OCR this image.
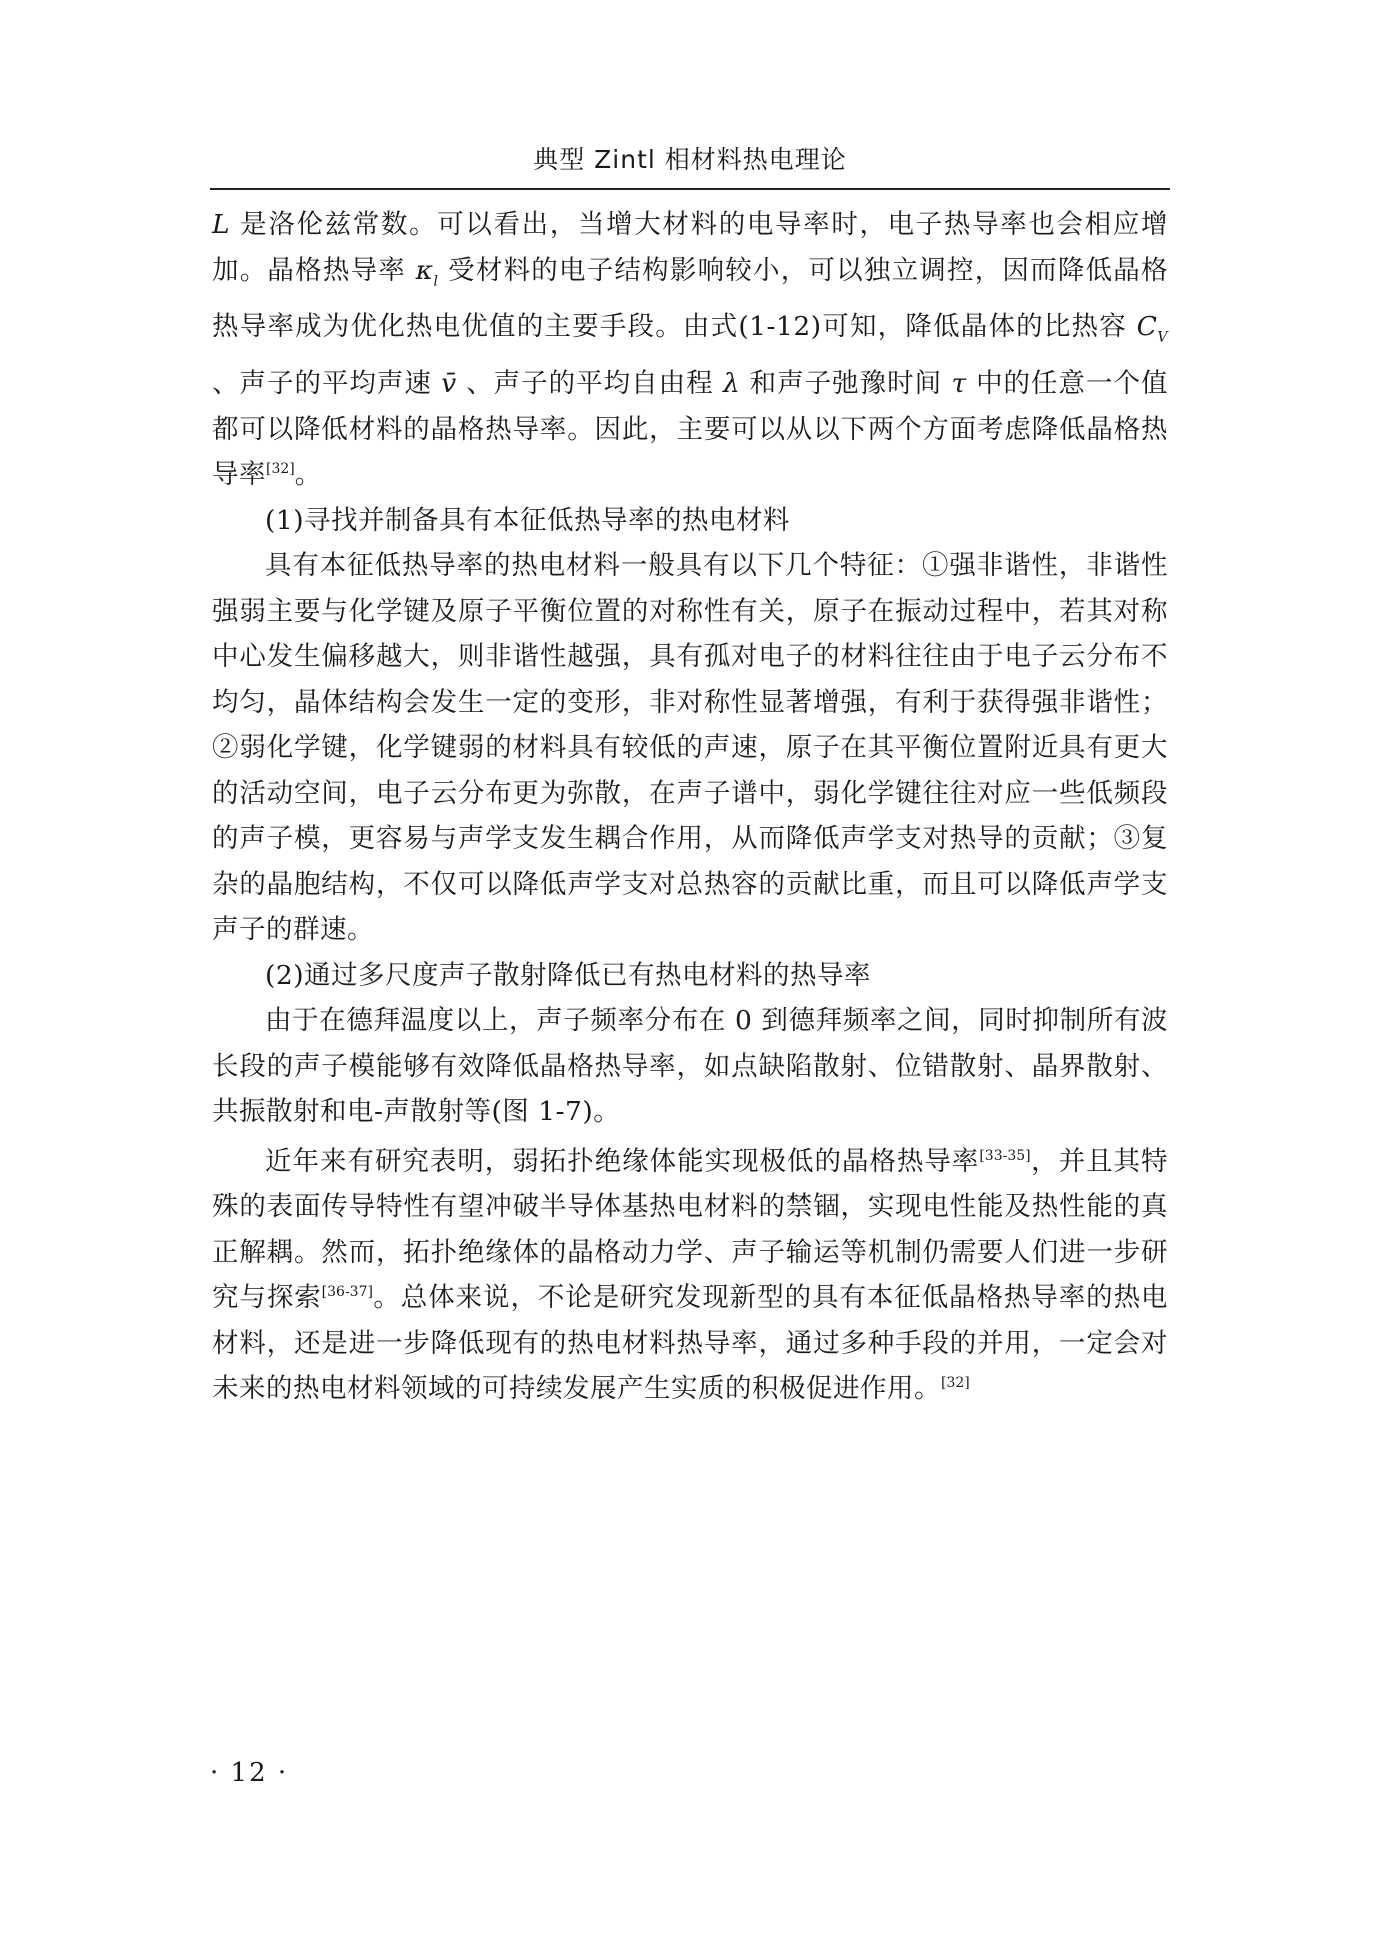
典型 Zintl 相材料热电理论

L 是洛伦兹常数。可以看出，当增大材料的电导率时，电子热导率也会相应增加。晶格热导率 $\kappa_l$ 受材料的电子结构影响较小，可以独立调控，因而降低晶格热导率成为优化热电优值的主要手段。由式(1-12)可知，降低晶体的比热容 $C_V$ 、声子的平均声速 v̄ 、声子的平均自由程 λ 和声子弛豫时间 τ 中的任意一个值都可以降低材料的晶格热导率。因此，主要可以从以下两个方面考虑降低晶格热导率[32]。

(1)寻找并制备具有本征低热导率的热电材料

具有本征低热导率的热电材料一般具有以下几个特征：①强非谐性，非谐性强弱主要与化学键及原子平衡位置的对称性有关，原子在振动过程中，若其对称中心发生偏移越大，则非谐性越强，具有孤对电子的材料往往由于电子云分布不均匀，晶体结构会发生一定的变形，非对称性显著增强，有利于获得强非谐性；②弱化学键，化学键弱的材料具有较低的声速，原子在其平衡位置附近具有更大的活动空间，电子云分布更为弥散，在声子谱中，弱化学键往往对应一些低频段的声子模，更容易与声学支发生耦合作用，从而降低声学支对热导的贡献；③复杂的晶胞结构，不仅可以降低声学支对总热容的贡献比重，而且可以降低声学支声子的群速。

(2)通过多尺度声子散射降低已有热电材料的热导率

由于在德拜温度以上，声子频率分布在 0 到德拜频率之间，同时抑制所有波长段的声子模能够有效降低晶格热导率，如点缺陷散射、位错散射、晶界散射、共振散射和电-声散射等(图 1-7)。

近年来有研究表明，弱拓扑绝缘体能实现极低的晶格热导率[33-35]，并且其特殊的表面传导特性有望冲破半导体基热电材料的禁锢，实现电性能及热性能的真正解耦。然而，拓扑绝缘体的晶格动力学、声子输运等机制仍需要人们进一步研究与探索[36-37]。总体来说，不论是研究发现新型的具有本征低晶格热导率的热电材料，还是进一步降低现有的热电材料热导率，通过多种手段的并用，一定会对未来的热电材料领域的可持续发展产生实质的积极促进作用。[32]

· 12 ·
